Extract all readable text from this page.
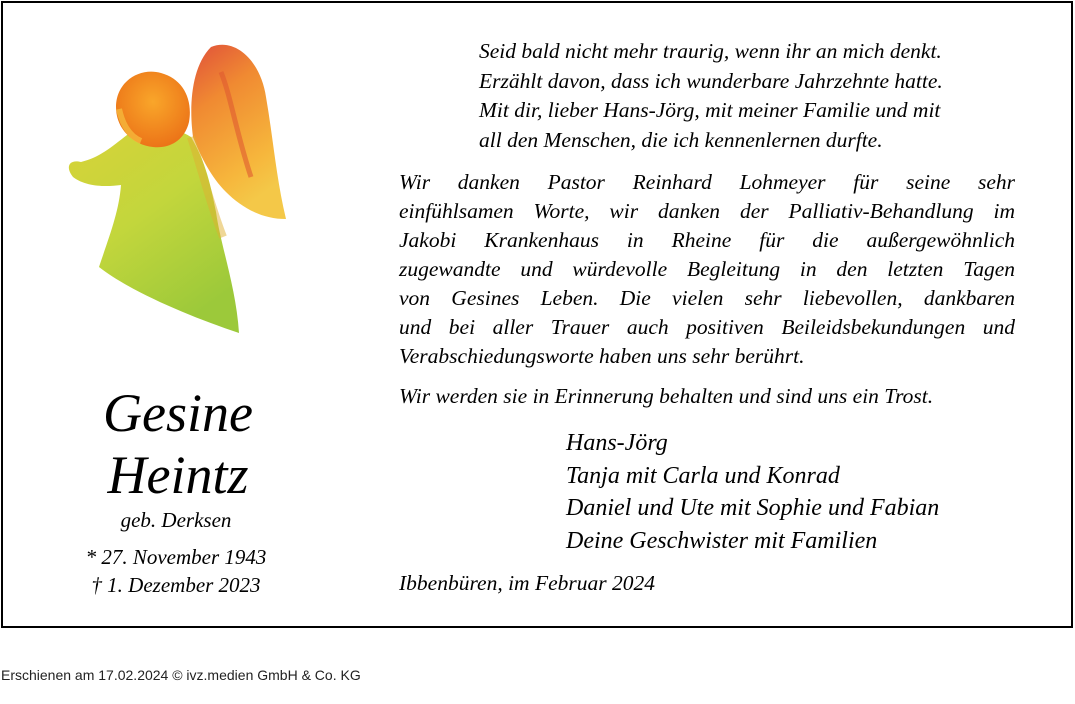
Gesine
Heintz
geb. Derksen
* 27. November 1943
† 1. Dezember 2023
Seid bald nicht mehr traurig, wenn ihr an mich denkt.
Erzählt davon, dass ich wunderbare Jahrzehnte hatte.
Mit dir, lieber Hans-Jörg, mit meiner Familie und mit
all den Menschen, die ich kennenlernen durfte.
Wir danken Pastor Reinhard Lohmeyer für seine sehr
einfühlsamen Worte, wir danken der Palliativ-Behandlung im
Jakobi Krankenhaus in Rheine für die außergewöhnlich
zugewandte und würdevolle Begleitung in den letzten Tagen
von Gesines Leben. Die vielen sehr liebevollen, dankbaren
und bei aller Trauer auch positiven Beileidsbekundungen und
Verabschiedungsworte haben uns sehr berührt.
Wir werden sie in Erinnerung behalten und sind uns ein Trost.
Hans-Jörg
Tanja mit Carla und Konrad
Daniel und Ute mit Sophie und Fabian
Deine Geschwister mit Familien
Ibbenbüren, im Februar 2024
Erschienen am 17.02.2024 © ivz.medien GmbH & Co. KG
